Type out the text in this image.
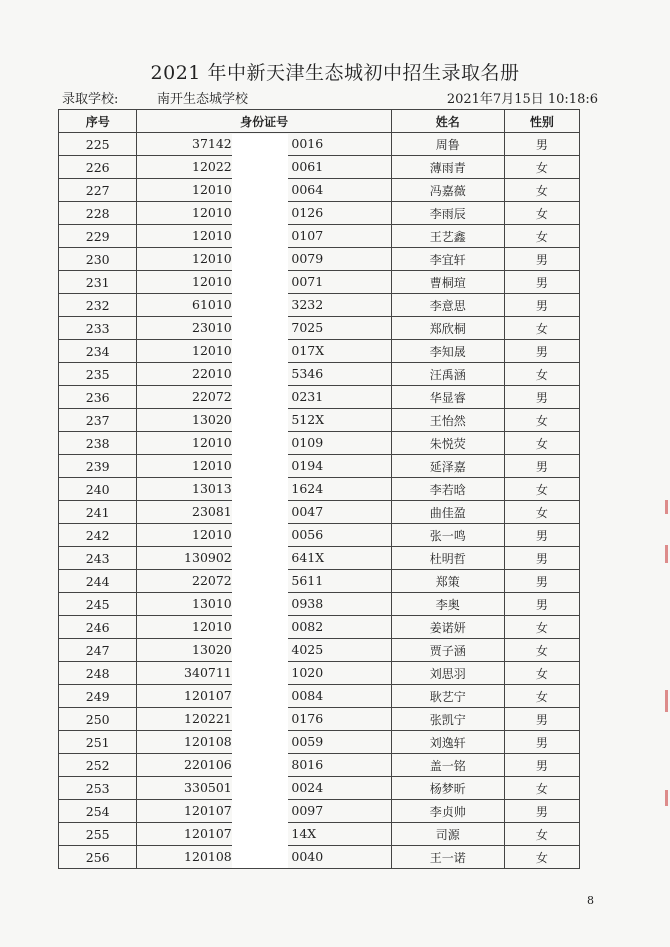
2021 年中新天津生态城初中招生录取名册
录取学校:	南开生态城学校	2021年7月15日 10:18:6
序号	身份证号	姓名	性别
225	37142 0016	周鲁	男
226	12022 0061	薄雨青	女
227	12010 0064	冯嘉薇	女
228	12010 0126	李雨辰	女
229	12010 0107	王艺鑫	女
230	12010 0079	李宜轩	男
231	12010 0071	曹桐瑄	男
232	61010 3232	李意思	男
233	23010 7025	郑欣桐	女
234	12010 017X	李知晟	男
235	22010 5346	汪禹涵	女
236	22072 0231	华显睿	男
237	13020 512X	王怡然	女
238	12010 0109	朱悦荧	女
239	12010 0194	延泽嘉	男
240	13013 1624	李若晗	女
241	23081 0047	曲佳盈	女
242	12010 0056	张一鸣	男
243	130902 641X	杜明哲	男
244	22072 5611	郑策	男
245	13010 0938	李奥	男
246	12010 0082	姜诺妍	女
247	13020 4025	贾子涵	女
248	340711 1020	刘思羽	女
249	120107 0084	耿艺宁	女
250	120221 0176	张凯宁	男
251	120108 0059	刘逸轩	男
252	220106 8016	盖一铭	男
253	330501 0024	杨梦昕	女
254	120107 0097	李贞帅	男
255	120107 14X	司源	女
256	120108 0040	王一诺	女
8
